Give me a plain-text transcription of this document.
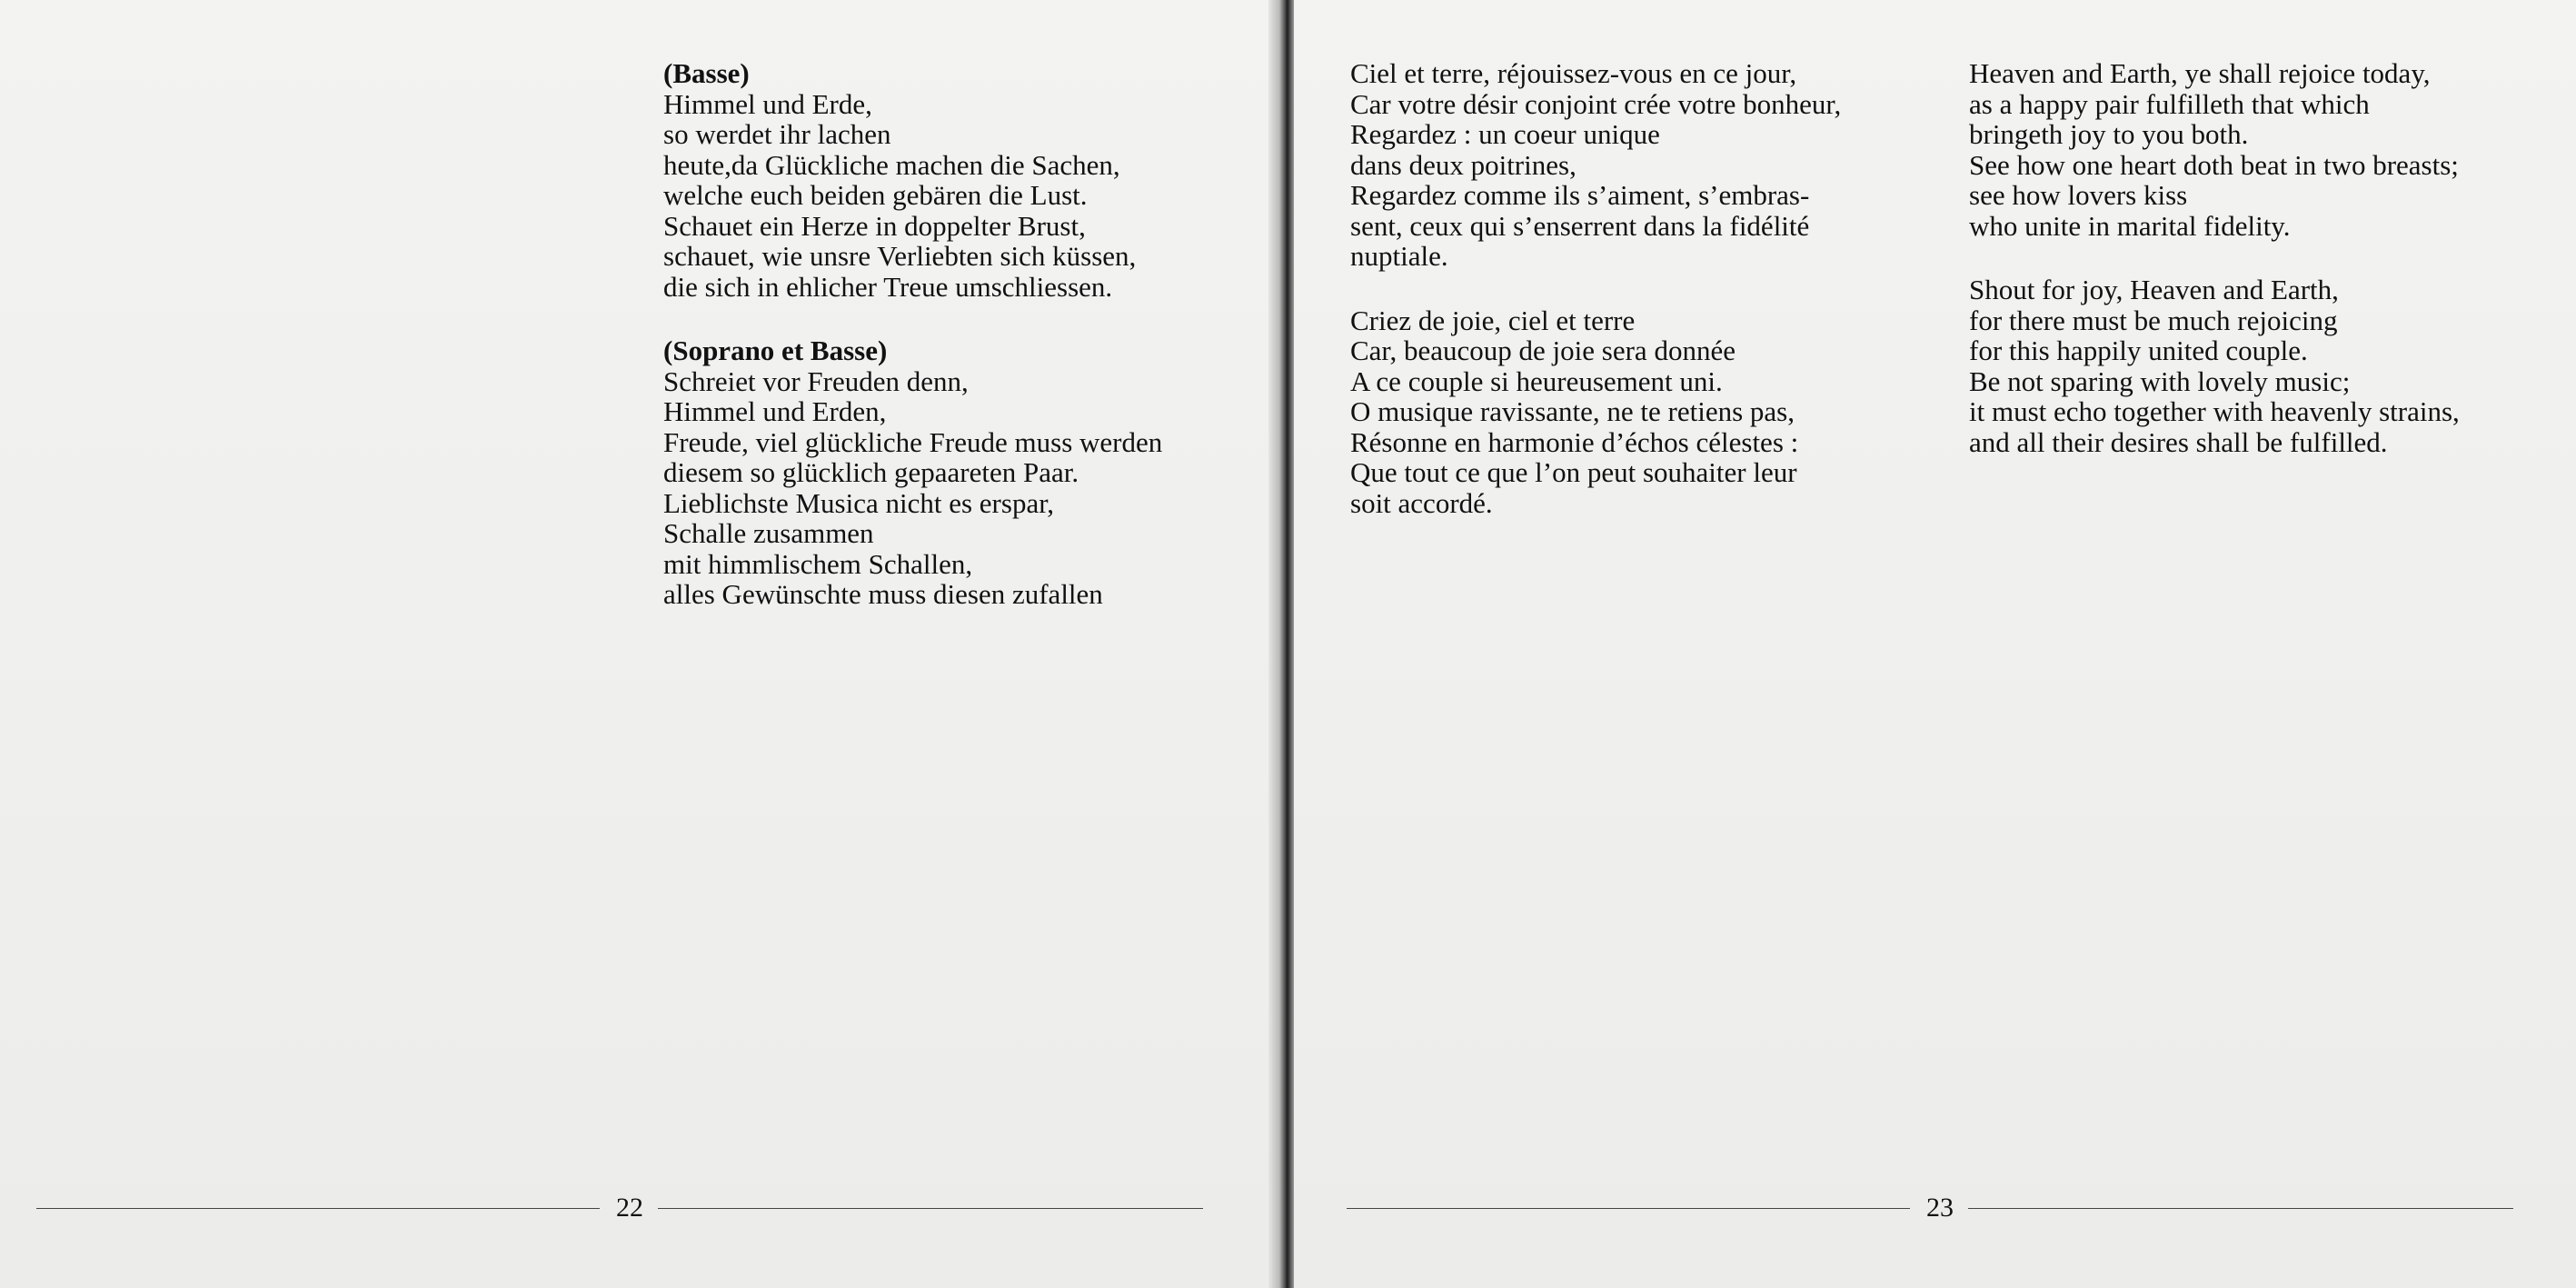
(Basse)
Himmel und Erde,
so werdet ihr lachen
heute,da Glückliche machen die Sachen,
welche euch beiden gebären die Lust.
Schauet ein Herze in doppelter Brust,
schauet, wie unsre Verliebten sich küssen,
die sich in ehlicher Treue umschliessen.
(Soprano et Basse)
Schreiet vor Freuden denn,
Himmel und Erden,
Freude, viel glückliche Freude muss werden
diesem so glücklich gepaareten Paar.
Lieblichste Musica nicht es erspar,
Schalle zusammen
mit himmlischem Schallen,
alles Gewünschte muss diesen zufallen
22
Ciel et terre, réjouissez-vous en ce jour,
Car votre désir conjoint crée votre bonheur,
Regardez : un coeur unique
dans deux poitrines,
Regardez comme ils s’aiment, s’embras-
sent, ceux qui s’enserrent dans la fidélité
nuptiale.
Criez de joie, ciel et terre
Car, beaucoup de joie sera donnée
A ce couple si heureusement uni.
O musique ravissante, ne te retiens pas,
Résonne en harmonie d’échos célestes :
Que tout ce que l’on peut souhaiter leur
soit accordé.
Heaven and Earth, ye shall rejoice today,
as a happy pair fulfilleth that which
bringeth joy to you both.
See how one heart doth beat in two breasts;
see how lovers kiss
who unite in marital fidelity.
Shout for joy, Heaven and Earth,
for there must be much rejoicing
for this happily united couple.
Be not sparing with lovely music;
it must echo together with heavenly strains,
and all their desires shall be fulfilled.
23
